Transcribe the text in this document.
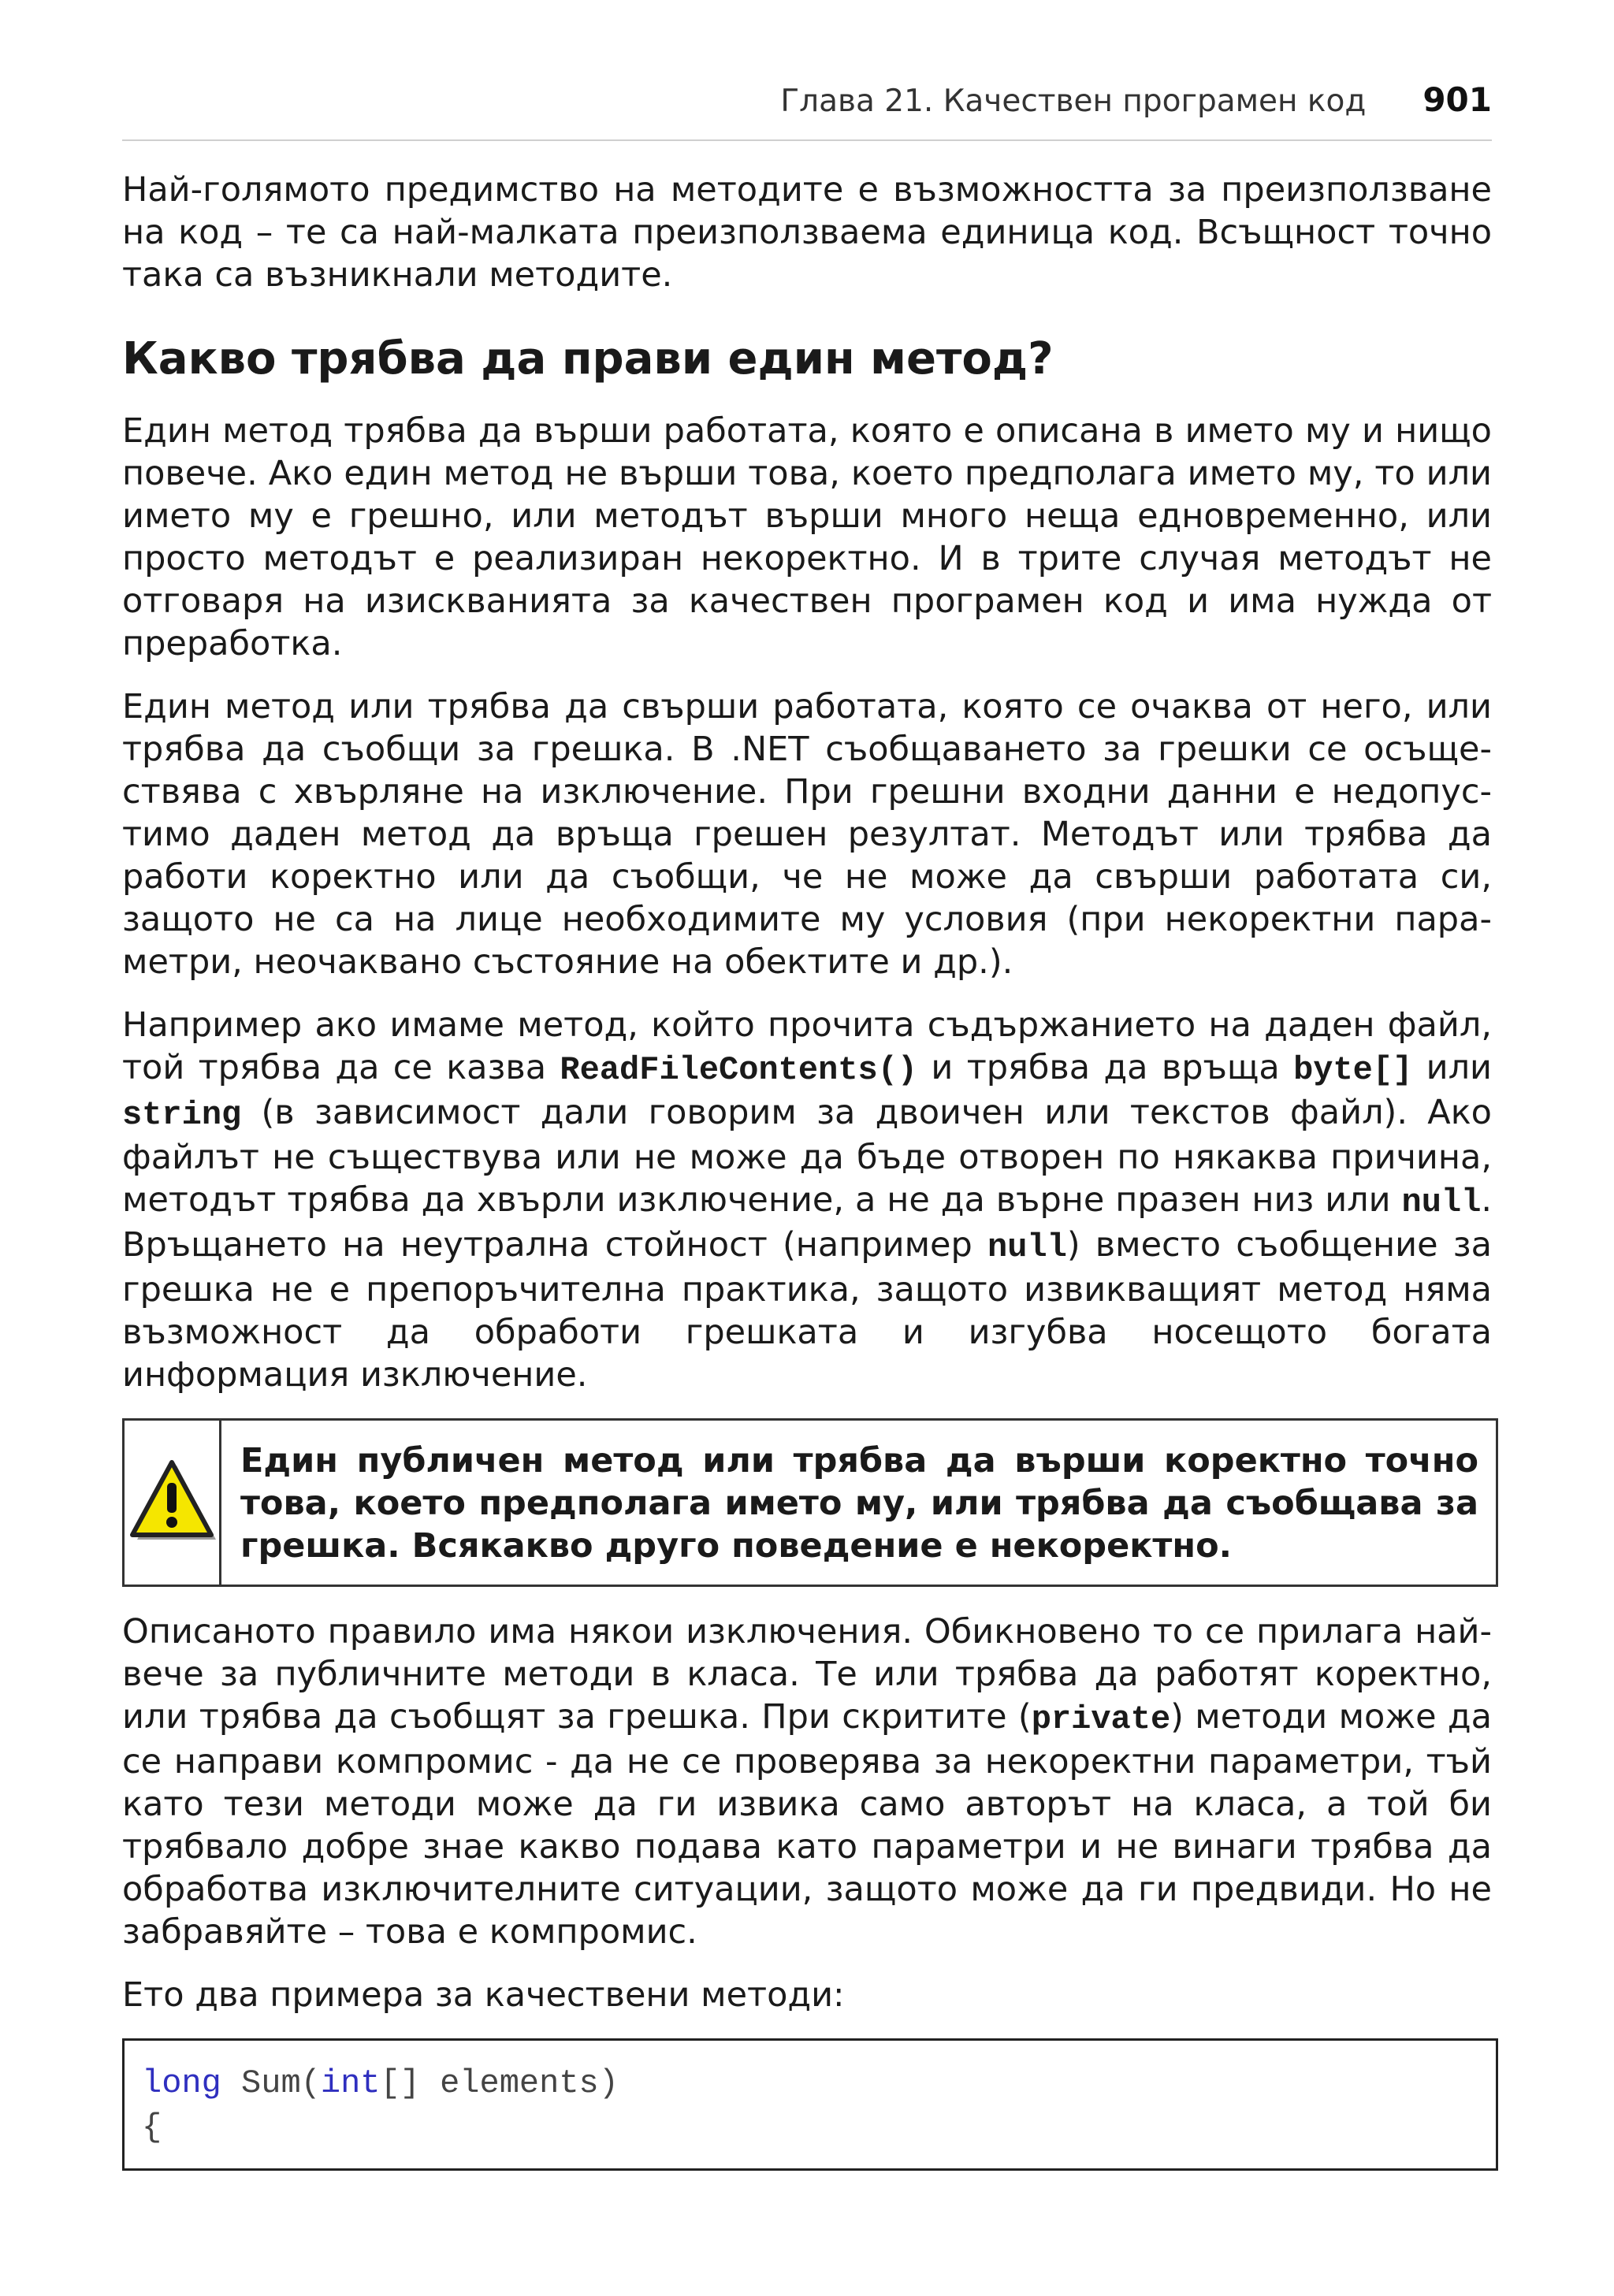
Глава 21. Качествен програмен код 901

Най-голямото предимство на методите е възможността за преизползване на код – те са най-малката преизползваема единица код. Всъщност точно така са възникнали методите.

Какво трябва да прави един метод?

Един метод трябва да върши работата, която е описана в името му и нищо повече. Ако един метод не върши това, което предполага името му, то или името му е грешно, или методът върши много неща едновременно, или просто методът е реализиран некоректно. И в трите случая методът не отговаря на изискванията за качествен програмен код и има нужда от преработка.

Един метод или трябва да свърши работата, която се очаква от него, или трябва да съобщи за грешка. В .NET съобщаването за грешки се осъществява с хвърляне на изключение. При грешни входни данни е недопустимо даден метод да връща грешен резултат. Методът или трябва да работи коректно или да съобщи, че не може да свърши работата си, защото не са на лице необходимите му условия (при некоректни параметри, неочаквано състояние на обектите и др.).

Например ако имаме метод, който прочита съдържанието на даден файл, той трябва да се казва ReadFileContents() и трябва да връща byte[] или string (в зависимост дали говорим за двоичен или текстов файл). Ако файлът не съществува или не може да бъде отворен по някаква причина, методът трябва да хвърли изключение, а не да върне празен низ или null. Връщането на неутрална стойност (например null) вместо съобщение за грешка не е препоръчителна практика, защото извикващият метод няма възможност да обработи грешката и изгубва носещото богата информация изключение.

Един публичен метод или трябва да върши коректно точно това, което предполага името му, или трябва да съобщава за грешка. Всякакво друго поведение е некоректно.

Описаното правило има някои изключения. Обикновено то се прилага най-вече за публичните методи в класа. Те или трябва да работят коректно, или трябва да съобщят за грешка. При скритите (private) методи може да се направи компромис - да не се проверява за некоректни параметри, тъй като тези методи може да ги извика само авторът на класа, а той би трябвало добре знае какво подава като параметри и не винаги трябва да обработва изключителните ситуации, защото може да ги предвиди. Но не забравяйте – това е компромис.

Ето два примера за качествени методи:

long Sum(int[] elements)
{
